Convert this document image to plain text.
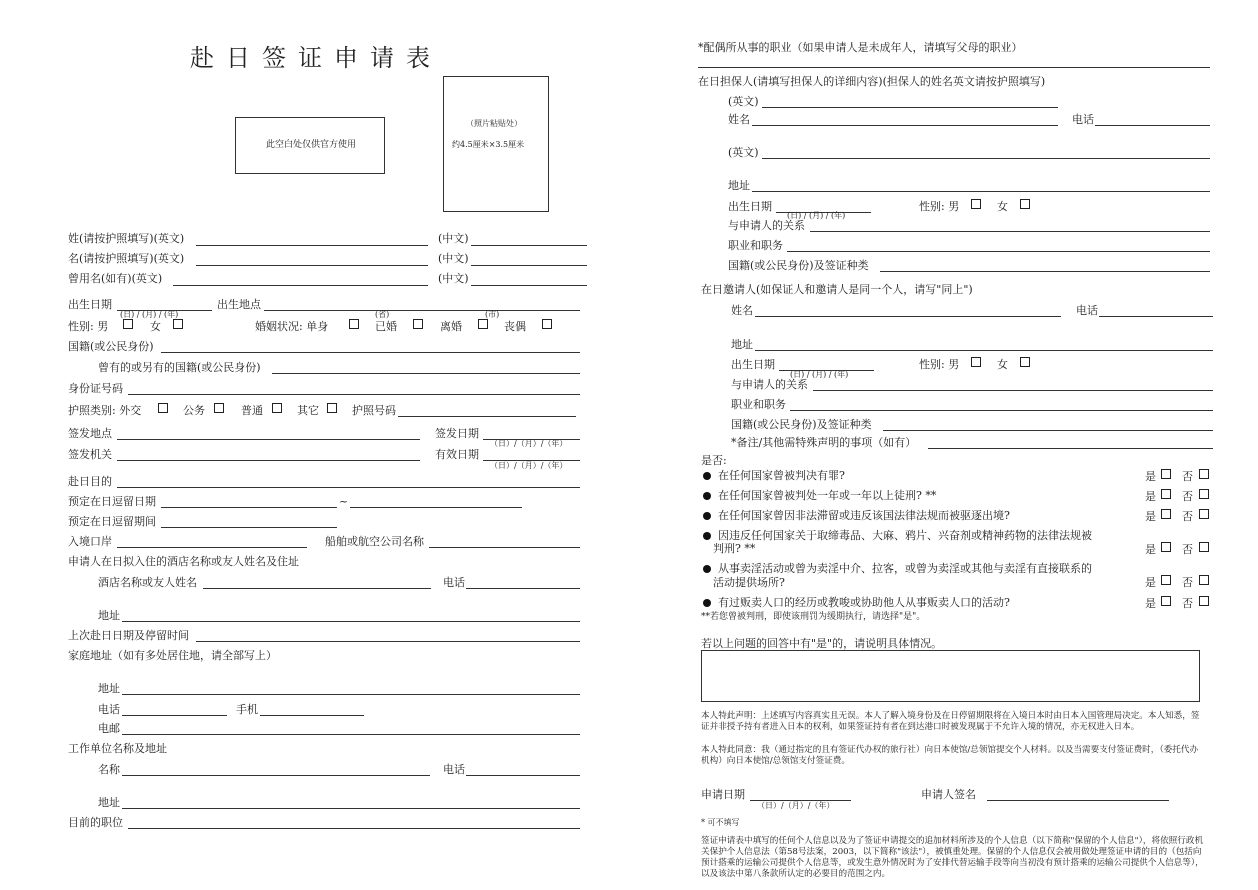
赴日签证申请表
此空白处仅供官方使用
（照片粘贴处）
约4.5厘米×3.5厘米
姓(请按护照填写)(英文)	(中文)
名(请按护照填写)(英文)	(中文)
曾用名(如有)(英文)	(中文)
出生日期
(日) / (月) / (年)
出生地点
(省)	(市)
性别: 男	女	婚姻状况: 单身	已婚	离婚	丧偶
国籍(或公民身份)
曾有的或另有的国籍(或公民身份)
身份证号码
护照类别: 外交	公务	普通	其它	护照号码
签发地点	签发日期
（日）/（月）/（年）
签发机关	有效日期
（日）/（月）/（年）
赴日目的
预定在日逗留日期	~
预定在日逗留期间
入境口岸	船舶或航空公司名称
申请人在日拟入住的酒店名称或友人姓名及住址
酒店名称或友人姓名	电话
地址
上次赴日日期及停留时间
家庭地址（如有多处居住地，请全部写上）
地址
电话	手机
电邮
工作单位名称及地址
名称	电话
地址
目前的职位
*配偶所从事的职业（如果申请人是未成年人，请填写父母的职业）
在日担保人(请填写担保人的详细内容)(担保人的姓名英文请按护照填写)
(英文)
姓名	电话
(英文)
地址
出生日期
(日) / (月) / (年)
性别: 男	女
与申请人的关系
职业和职务
国籍(或公民身份)及签证种类
在日邀请人(如保证人和邀请人是同一个人，请写"同上")
姓名	电话
地址
出生日期
(日) / (月) / (年)
性别: 男	女
与申请人的关系
职业和职务
国籍(或公民身份)及签证种类
*备注/其他需特殊声明的事项（如有）
是否:
在任何国家曾被判决有罪?	是 否
在任何国家曾被判处一年或一年以上徒刑? **	是 否
在任何国家曾因非法滞留或违反该国法律法规而被驱逐出境?	是 否
因违反任何国家关于取缔毒品、大麻、鸦片、兴奋剂或精神药物的法律法规被
判刑? **	是 否
从事卖淫活动或曾为卖淫中介、拉客，或曾为卖淫或其他与卖淫有直接联系的
活动提供场所?	是 否
有过贩卖人口的经历或教唆或协助他人从事贩卖人口的活动?	是 否
**若您曾被判刑，即使该刑罚为缓期执行，请选择"是"。
若以上问题的回答中有"是"的，请说明具体情况。
本人特此声明：上述填写内容真实且无误。本人了解入境身份及在日停留期限将在入境日本时由日本入国管理局决定。本人知悉，签证并非授予持有者进入日本的权利，如果签证持有者在到达港口时被发现属于不允许入境的情况，亦无权进入日本。
本人特此同意：我（通过指定的且有签证代办权的旅行社）向日本使馆/总领馆提交个人材料。以及当需要支付签证费时，（委托代办机构）向日本使馆/总领馆支付签证费。
申请日期
（日）/（月）/（年）
申请人签名
* 可不填写
签证申请表中填写的任何个人信息以及为了签证申请提交的追加材料所涉及的个人信息（以下简称"保留的个人信息"），将依照行政机关保护个人信息法（第58号法案，2003，以下简称"该法"），被慎重处理。保留的个人信息仅会被用做处理签证申请的目的（包括向预计搭乘的运输公司提供个人信息等，或发生意外情况时为了安排代替运输手段等向当初没有预计搭乘的运输公司提供个人信息等），以及该法中第八条款所认定的必要目的范围之内。
